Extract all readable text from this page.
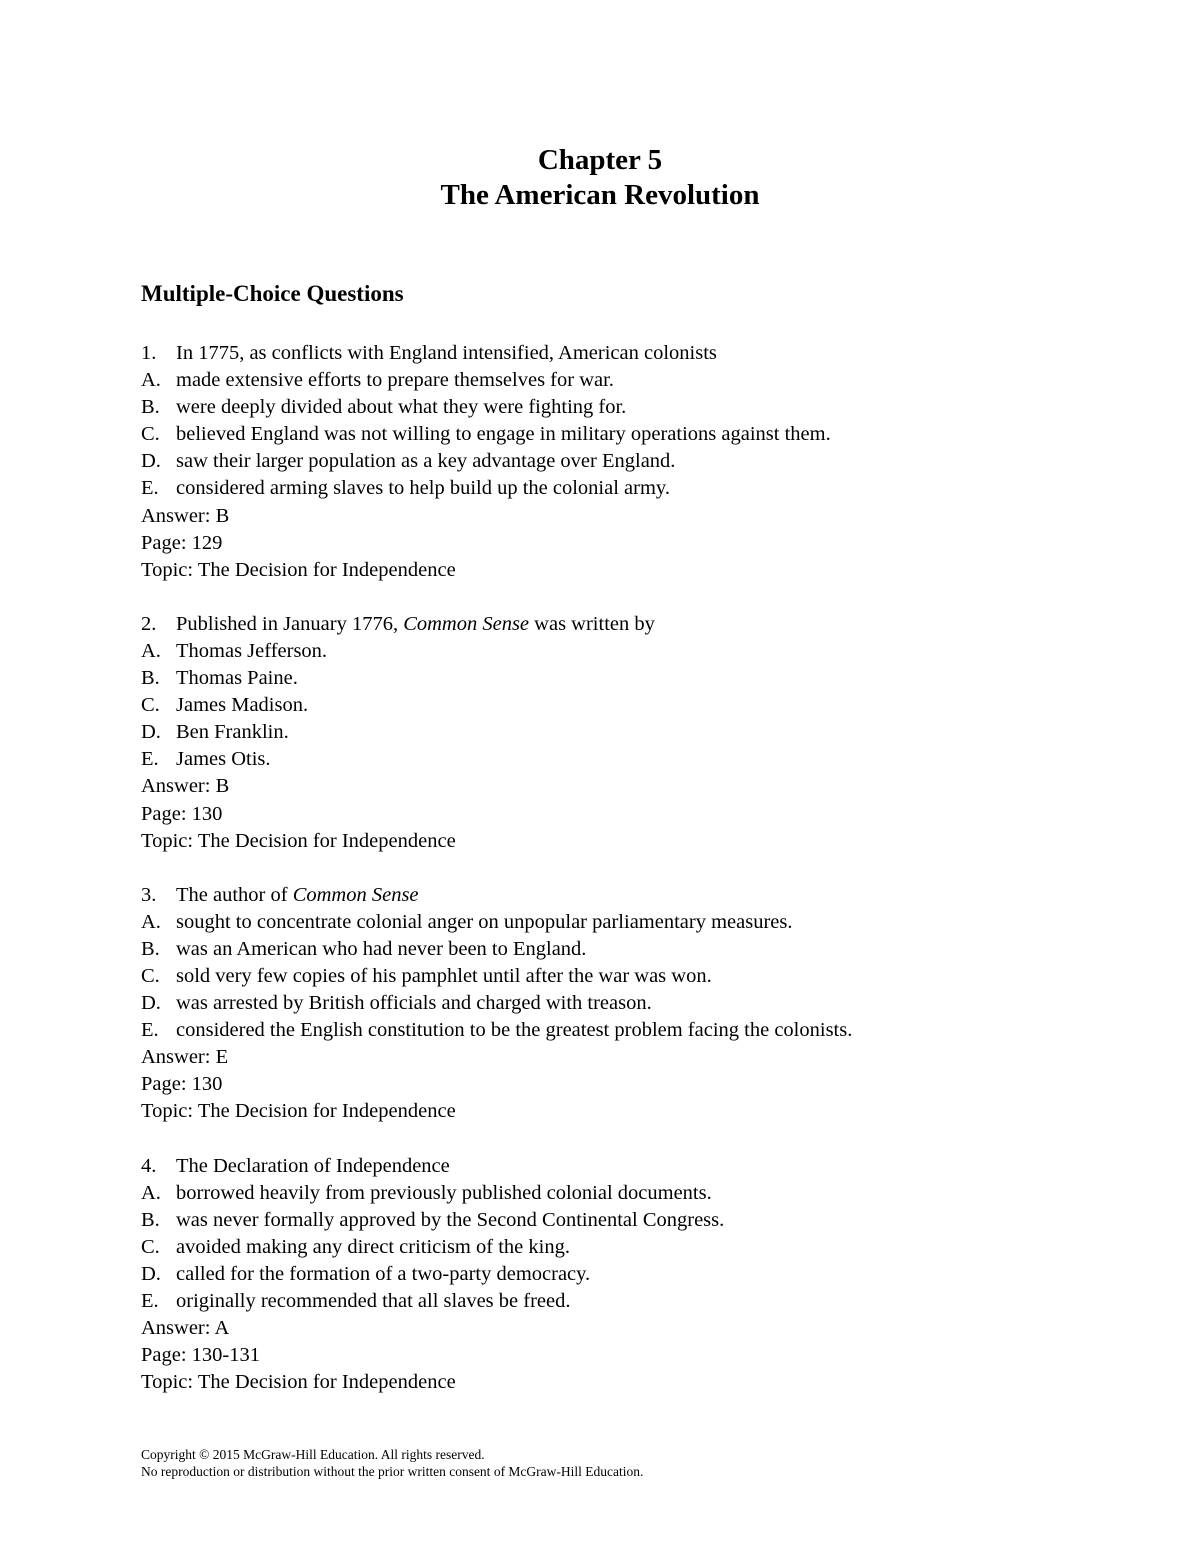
Chapter 5
The American Revolution
Multiple-Choice Questions
1. In 1775, as conflicts with England intensified, American colonists
A. made extensive efforts to prepare themselves for war.
B. were deeply divided about what they were fighting for.
C. believed England was not willing to engage in military operations against them.
D. saw their larger population as a key advantage over England.
E. considered arming slaves to help build up the colonial army.
Answer: B
Page: 129
Topic: The Decision for Independence
2. Published in January 1776, Common Sense was written by
A. Thomas Jefferson.
B. Thomas Paine.
C. James Madison.
D. Ben Franklin.
E. James Otis.
Answer: B
Page: 130
Topic: The Decision for Independence
3. The author of Common Sense
A. sought to concentrate colonial anger on unpopular parliamentary measures.
B. was an American who had never been to England.
C. sold very few copies of his pamphlet until after the war was won.
D. was arrested by British officials and charged with treason.
E. considered the English constitution to be the greatest problem facing the colonists.
Answer: E
Page: 130
Topic: The Decision for Independence
4. The Declaration of Independence
A. borrowed heavily from previously published colonial documents.
B. was never formally approved by the Second Continental Congress.
C. avoided making any direct criticism of the king.
D. called for the formation of a two-party democracy.
E. originally recommended that all slaves be freed.
Answer: A
Page: 130-131
Topic: The Decision for Independence
Copyright © 2015 McGraw-Hill Education. All rights reserved.
No reproduction or distribution without the prior written consent of McGraw-Hill Education.
